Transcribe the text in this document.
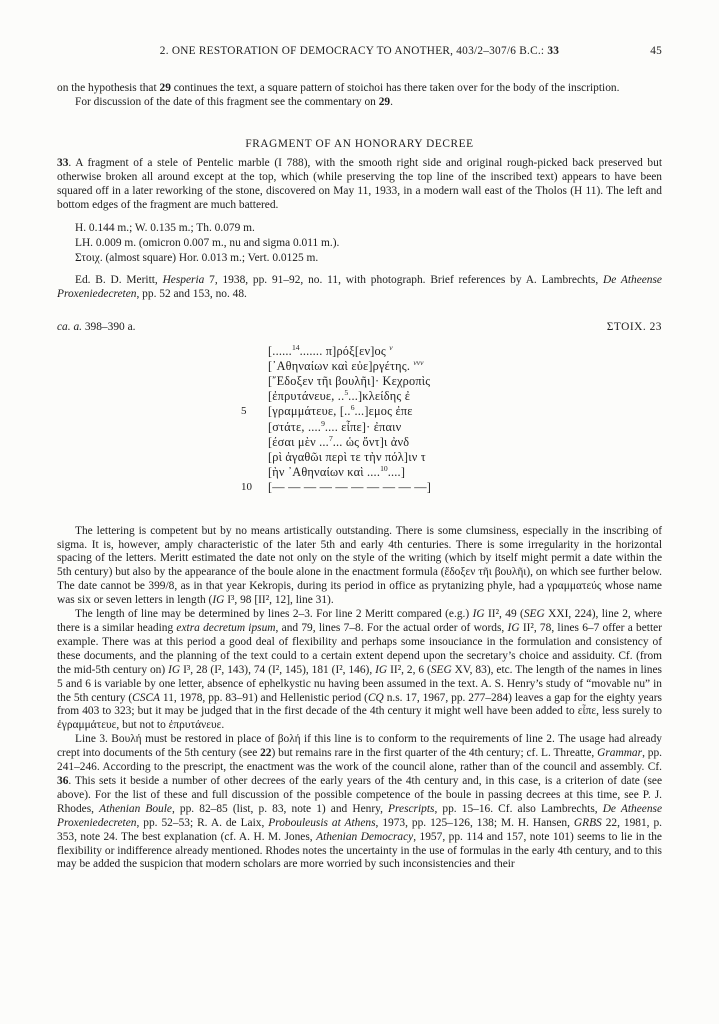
2. ONE RESTORATION OF DEMOCRACY TO ANOTHER, 403/2–307/6 B.C.: 33	45

on the hypothesis that 29 continues the text, a square pattern of stoichoi has there taken over for the body of the inscription.

For discussion of the date of this fragment see the commentary on 29.

FRAGMENT OF AN HONORARY DECREE

33. A fragment of a stele of Pentelic marble (I 788), with the smooth right side and original rough-picked back preserved but otherwise broken all around except at the top, which (while preserving the top line of the inscribed text) appears to have been squared off in a later reworking of the stone, discovered on May 11, 1933, in a modern wall east of the Tholos (H 11). The left and bottom edges of the fragment are much battered.

H. 0.144 m.; W. 0.135 m.; Th. 0.079 m.

LH. 0.009 m. (omicron 0.007 m., nu and sigma 0.011 m.).

Στοιχ. (almost square) Hor. 0.013 m.; Vert. 0.0125 m.

Ed. B. D. Meritt, Hesperia 7, 1938, pp. 91–92, no. 11, with photograph. Brief references by A. Lambrechts, De Atheense Proxeniedecreten, pp. 52 and 153, no. 48.

ca. a. 398–390 a.	ΣΤΟΙΧ. 23
[......$^{14}$....... π]ρόξ[εν]ος $^v$
[᾿Αθηναίων καὶ εὐε]ργέτης. $^{vvv}$
[῎Εδοξεν τῆι βουλῆι]· Κεχροπὶς
[ἐπρυτάνευε, ..$^5$...]κλείδης ἐ
5 [γραμμάτευε, [..$^6$...]εμος ἐπε
[στάτε, ....$^9$.... εἶπε]· ἐπαιν
[έσαι μὲν ...$^7$... ὡς ὄντ]ι ἀνδ
[ρὶ ἀγαθῶι περὶ τε τὴν πόλ]ιν τ
[ὴν ᾿Αθηναίων καὶ ....$^{10}$....]
10 [— — — — — — — — — —]

The lettering is competent but by no means artistically outstanding. There is some clumsiness, especially in the inscribing of sigma. It is, however, amply characteristic of the later 5th and early 4th centuries. There is some irregularity in the horizontal spacing of the letters. Meritt estimated the date not only on the style of the writing (which by itself might permit a date within the 5th century) but also by the appearance of the boule alone in the enactment formula (ἔδοξεν τῆι βουλῆι), on which see further below. The date cannot be 399/8, as in that year Kekropis, during its period in office as prytanizing phyle, had a γραμματεύς whose name was six or seven letters in length (IG I³, 98 [II², 12], line 31).

The length of line may be determined by lines 2–3. For line 2 Meritt compared (e.g.) IG II², 49 (SEG XXI, 224), line 2, where there is a similar heading extra decretum ipsum, and 79, lines 7–8. For the actual order of words, IG II², 78, lines 6–7 offer a better example. There was at this period a good deal of flexibility and perhaps some insouciance in the formulation and consistency of these documents, and the planning of the text could to a certain extent depend upon the secretary’s choice and assiduity. Cf. (from the mid-5th century on) IG I³, 28 (I², 143), 74 (I², 145), 181 (I², 146), IG II², 2, 6 (SEG XV, 83), etc. The length of the names in lines 5 and 6 is variable by one letter, absence of ephelkystic nu having been assumed in the text. A. S. Henry’s study of “movable nu” in the 5th century (CSCA 11, 1978, pp. 83–91) and Hellenistic period (CQ n.s. 17, 1967, pp. 277–284) leaves a gap for the eighty years from 403 to 323; but it may be judged that in the first decade of the 4th century it might well have been added to εἶπε, less surely to ἐγραμμάτευε, but not to ἐπρυτάνευε.

Line 3. Βουλή must be restored in place of βολή if this line is to conform to the requirements of line 2. The usage had already crept into documents of the 5th century (see 22) but remains rare in the first quarter of the 4th century; cf. L. Threatte, Grammar, pp. 241–246. According to the prescript, the enactment was the work of the council alone, rather than of the council and assembly. Cf. 36. This sets it beside a number of other decrees of the early years of the 4th century and, in this case, is a criterion of date (see above). For the list of these and full discussion of the possible competence of the boule in passing decrees at this time, see P. J. Rhodes, Athenian Boule, pp. 82–85 (list, p. 83, note 1) and Henry, Prescripts, pp. 15–16. Cf. also Lambrechts, De Atheense Proxeniedecreten, pp. 52–53; R. A. de Laix, Probouleusis at Athens, 1973, pp. 125–126, 138; M. H. Hansen, GRBS 22, 1981, p. 353, note 24. The best explanation (cf. A. H. M. Jones, Athenian Democracy, 1957, pp. 114 and 157, note 101) seems to lie in the flexibility or indifference already mentioned. Rhodes notes the uncertainty in the use of formulas in the early 4th century, and to this may be added the suspicion that modern scholars are more worried by such inconsistencies and their
